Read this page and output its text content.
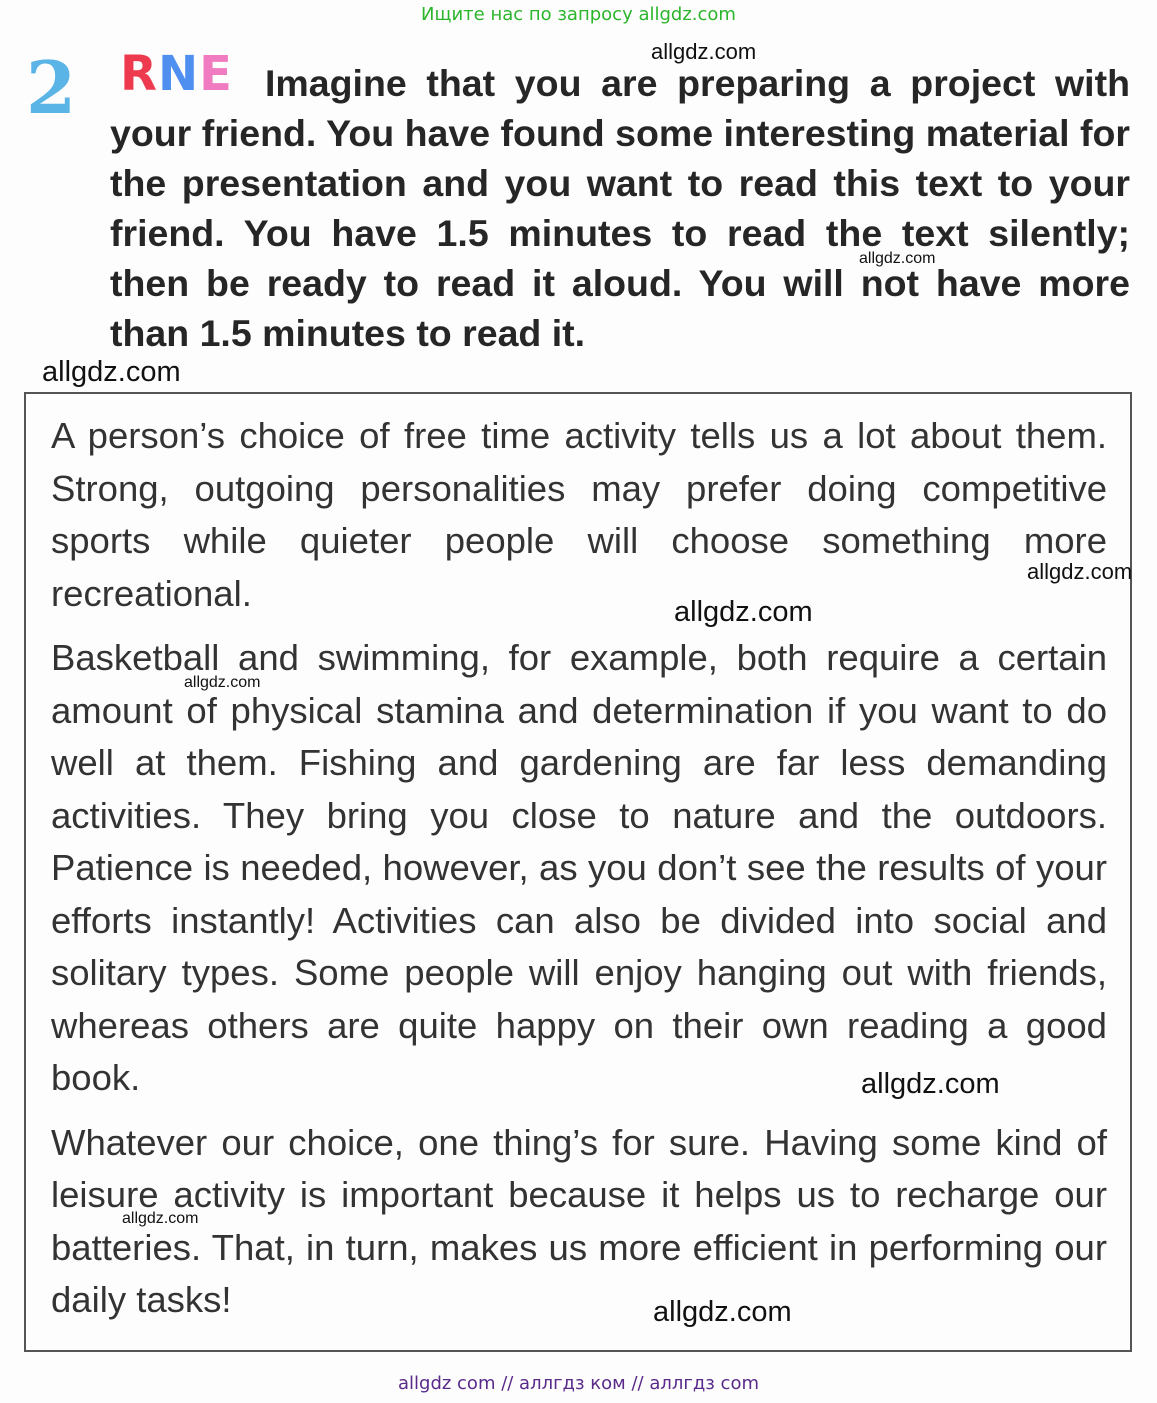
Ищите нас по запросу allgdz.com
2 RNE Imagine that you are preparing a project with your friend. You have found some interesting material for the presentation and you want to read this text to your friend. You have 1.5 minutes to read the text silently; then be ready to read it aloud. You will not have more than 1.5 minutes to read it.

A person’s choice of free time activity tells us a lot about them. Strong, outgoing personalities may prefer doing competitive sports while quieter people will choose something more recreational.

Basketball and swimming, for example, both require a certain amount of physical stamina and determination if you want to do well at them. Fishing and gardening are far less demanding activities. They bring you close to nature and the outdoors. Patience is needed, however, as you don’t see the results of your efforts instantly! Activities can also be divided into social and solitary types. Some people will enjoy hanging out with friends, whereas others are quite happy on their own reading a good book.

Whatever our choice, one thing’s for sure. Having some kind of leisure activity is important because it helps us to recharge our batteries. That, in turn, makes us more efficient in performing our daily tasks!

allgdz.com
allgdz.com
allgdz.com
allgdz.com
allgdz.com
allgdz.com
allgdz.com
allgdz.com
allgdz.com
allgdz com // аллгдз ком // аллгдз com
